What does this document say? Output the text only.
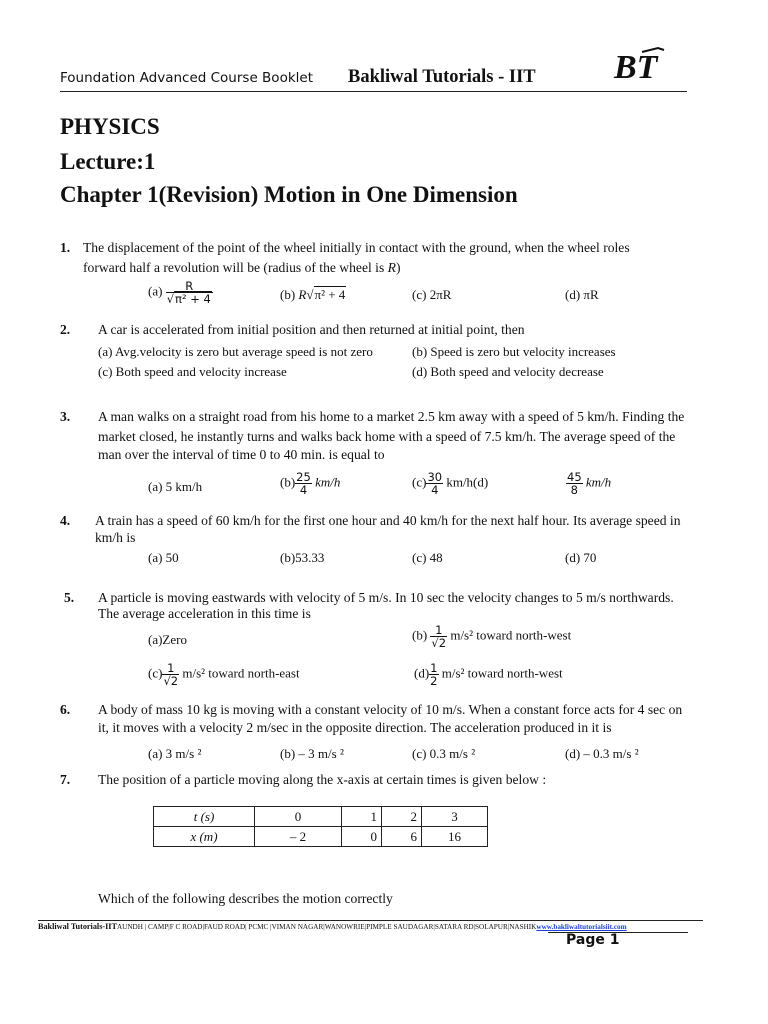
Foundation Advanced Course Booklet Bakliwal Tutorials - IIT BT
PHYSICS
Lecture:1
Chapter 1(Revision) Motion in One Dimension
1. The displacement of the point of the wheel initially in contact with the ground, when the wheel roles
forward half a revolution will be (radius of the wheel is R)
$(a) \frac{R}{\text{√π² + 4}}$	(b) R√π² + 4	(c) 2πR	(d) πR
2. A car is accelerated from initial position and then returned at initial point, then
(a) Avg.velocity is zero but average speed is not zero	(b) Speed is zero but velocity increases
(c) Both speed and velocity increase	(d) Both speed and velocity decrease
3. A man walks on a straight road from his home to a market 2.5 km away with a speed of 5 km/h. Finding the
market closed, he instantly turns and walks back home with a speed of 7.5 km/h. The average speed of the
man over the interval of time 0 to 40 min. is equal to
(a) 5 km/h	$(b) \frac{25}{4} km/h$	$(c) \frac{30}{4} km/h(d)$	$\frac{45}{8} km/h$
4. A train has a speed of 60 km/h for the first one hour and 40 km/h for the next half hour. Its average speed in
km/h is
(a) 50	(b)53.33	(c) 48	(d) 70
5. A particle is moving eastwards with velocity of 5 m/s. In 10 sec the velocity changes to 5 m/s northwards.
The average acceleration in this time is
(a)Zero	$(b) \frac{1}{√2} m/s^2$ toward north-west
$(c) \frac{1}{√2} m/s^2$ toward north-east	$(d) \frac{1}{2} m/s^2$ toward north-west
6. A body of mass 10 kg is moving with a constant velocity of 10 m/s. When a constant force acts for 4 sec on
it, it moves with a velocity 2 m/sec in the opposite direction. The acceleration produced in it is
(a) 3 m/s ²	(b) – 3 m/s ²	(c) 0.3 m/s ²	(d) – 0.3 m/s ²
7. The position of a particle moving along the x-axis at certain times is given below :
t (s)	0	1	2	3
x (m)	– 2	0	6	16
Which of the following describes the motion correctly
Bakliwal Tutorials-IITAUNDH | CAMP|F C ROAD|FAUD ROAD| PCMC |VIMAN NAGAR|WANOWRIE|PIMPLE SAUDAGAR|SATARA RD|SOLAPUR|NASHIKwww.bakliwaltutorialsiit.com
Page 1
